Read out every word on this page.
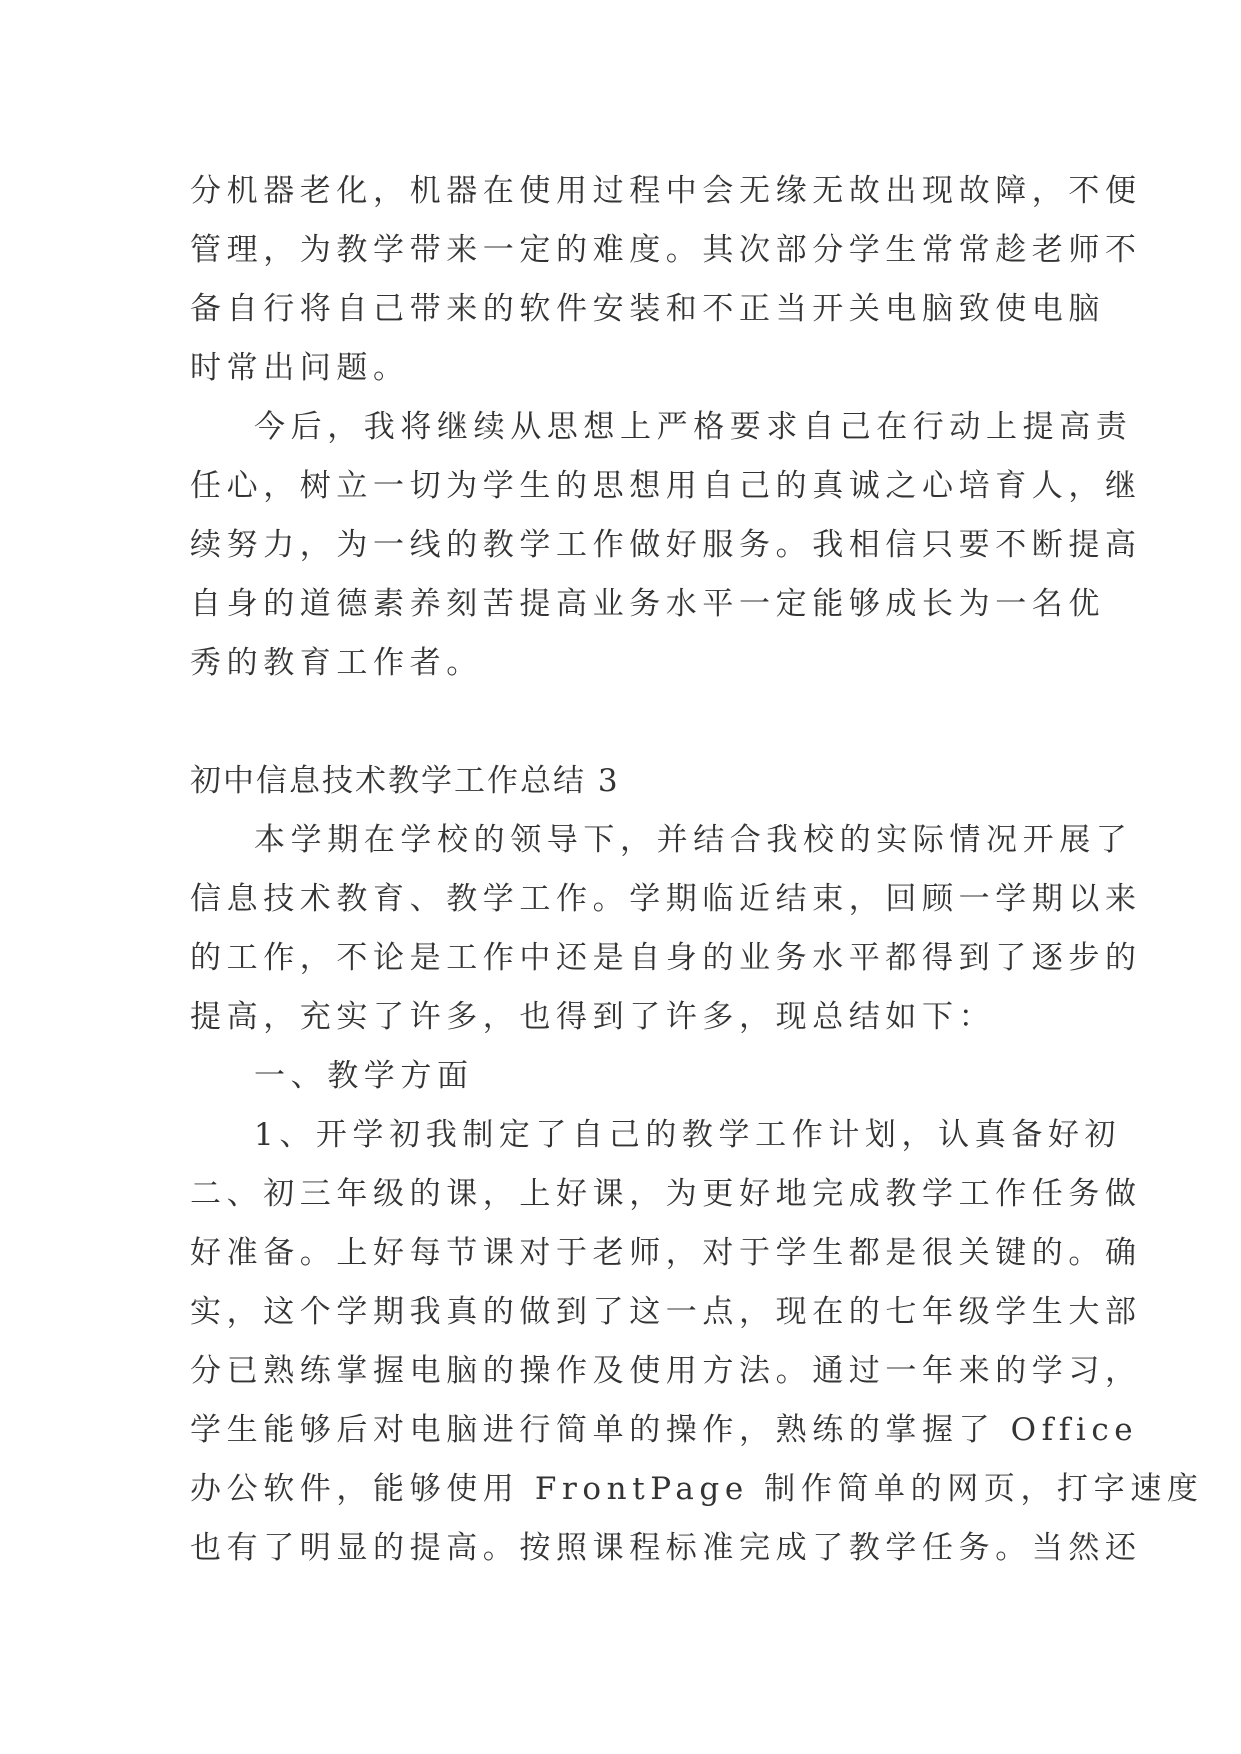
分机器老化，机器在使用过程中会无缘无故出现故障，不便
管理，为教学带来一定的难度。其次部分学生常常趁老师不
备自行将自己带来的软件安装和不正当开关电脑致使电脑
时常出问题。
今后，我将继续从思想上严格要求自己在行动上提高责
任心，树立一切为学生的思想用自己的真诚之心培育人，继
续努力，为一线的教学工作做好服务。我相信只要不断提高
自身的道德素养刻苦提高业务水平一定能够成长为一名优
秀的教育工作者。
初中信息技术教学工作总结 3
本学期在学校的领导下，并结合我校的实际情况开展了
信息技术教育、教学工作。学期临近结束，回顾一学期以来
的工作，不论是工作中还是自身的业务水平都得到了逐步的
提高，充实了许多，也得到了许多，现总结如下：
一、教学方面
1、开学初我制定了自己的教学工作计划，认真备好初
二、初三年级的课，上好课，为更好地完成教学工作任务做
好准备。上好每节课对于老师，对于学生都是很关键的。确
实，这个学期我真的做到了这一点，现在的七年级学生大部
分已熟练掌握电脑的操作及使用方法。通过一年来的学习，
学生能够后对电脑进行简单的操作，熟练的掌握了 Office
办公软件，能够使用 FrontPage 制作简单的网页，打字速度
也有了明显的提高。按照课程标准完成了教学任务。当然还
